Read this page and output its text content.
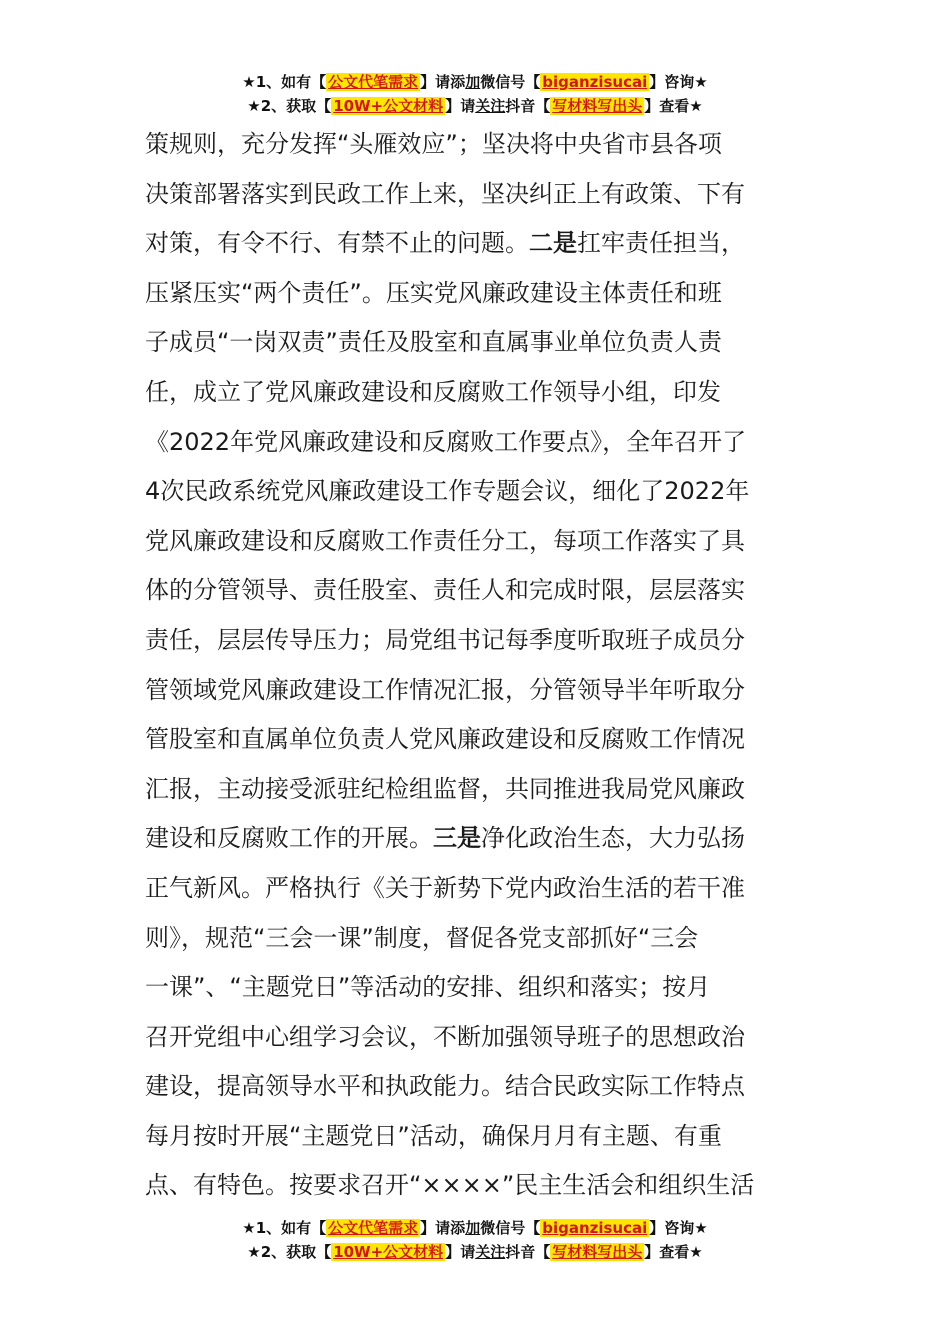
★1、如有【 公文代笔需求 】请添加微信号【 biganzisucai 】咨询★
★2、获取【 10W+公文材料 】请关注抖音【 写材料写出头 】查看★
策规则，充分发挥“头雁效应”；坚决将中央省市县各项
决策部署落实到民政工作上来，坚决纠正上有政策、下有
对策，有令不行、有禁不止的问题。二是扛牢责任担当，
压紧压实“两个责任”。压实党风廉政建设主体责任和班
子成员“一岗双责”责任及股室和直属事业单位负责人责
任，成立了党风廉政建设和反腐败工作领导小组，印发
《2022年党风廉政建设和反腐败工作要点》，全年召开了
4次民政系统党风廉政建设工作专题会议，细化了2022年
党风廉政建设和反腐败工作责任分工，每项工作落实了具
体的分管领导、责任股室、责任人和完成时限，层层落实
责任，层层传导压力；局党组书记每季度听取班子成员分
管领域党风廉政建设工作情况汇报，分管领导半年听取分
管股室和直属单位负责人党风廉政建设和反腐败工作情况
汇报，主动接受派驻纪检组监督，共同推进我局党风廉政
建设和反腐败工作的开展。三是净化政治生态，大力弘扬
正气新风。严格执行《关于新势下党内政治生活的若干准
则》，规范“三会一课”制度，督促各党支部抓好“三会
一课”、“主题党日”等活动的安排、组织和落实；按月
召开党组中心组学习会议，不断加强领导班子的思想政治
建设，提高领导水平和执政能力。结合民政实际工作特点
每月按时开展“主题党日”活动，确保月月有主题、有重
点、有特色。按要求召开“××××”民主生活会和组织生活
★1、如有【 公文代笔需求 】请添加微信号【 biganzisucai 】咨询★
★2、获取【 10W+公文材料 】请关注抖音【 写材料写出头 】查看★
